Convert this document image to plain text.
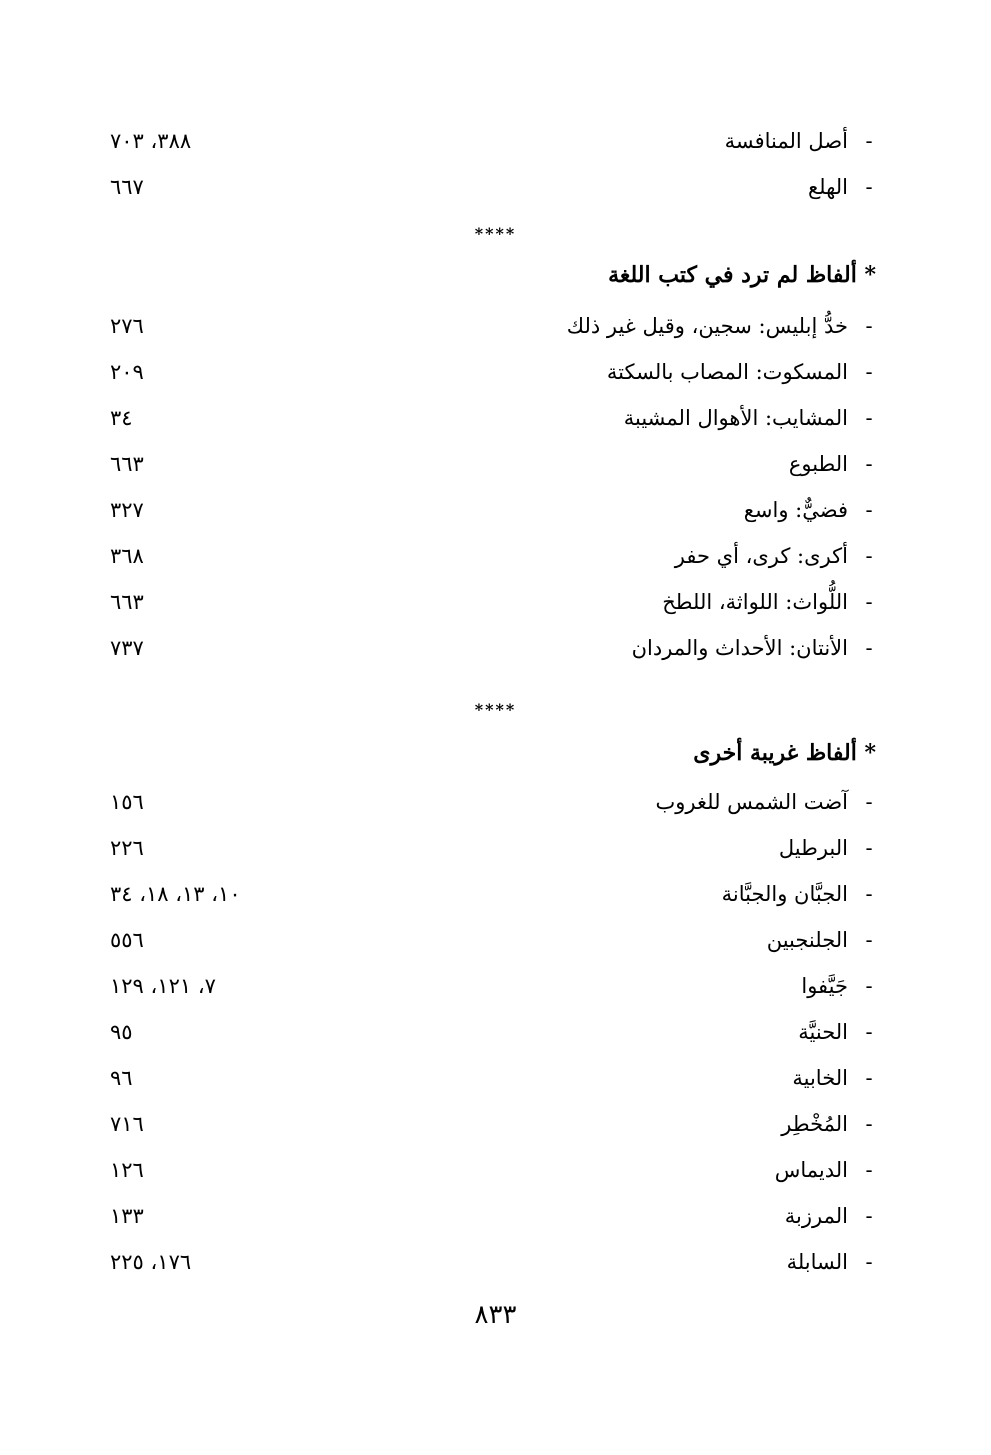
-
أصل المنافسة
٣٨٨، ٧٠٣
-
الهلع
٦٦٧
****
* ألفاظ لم ترد في كتب اللغة
-
خدُّ إبليس: سجين، وقيل غير ذلك
٢٧٦
-
المسكوت: المصاب بالسكتة
٢٠٩
-
المشايب: الأهوال المشيبة
٣٤
-
الطبوع
٦٦٣
-
فضيٌّ: واسع
٣٢٧
-
أكرى: كرى، أي حفر
٣٦٨
-
اللُّواث: اللواثة، اللطخ
٦٦٣
-
الأنتان: الأحداث والمردان
٧٣٧
****
* ألفاظ غريبة أخرى
-
آضت الشمس للغروب
١٥٦
-
البرطيل
٢٢٦
-
الجبَّان والجبَّانة
١٠، ١٣، ١٨، ٣٤
-
الجلنجبين
٥٥٦
-
جَيَّفوا
٧، ١٢١، ١٢٩
-
الحنيَّة
٩٥
-
الخابية
٩٦
-
المُخْطِر
٧١٦
-
الديماس
١٢٦
-
المرزبة
١٣٣
-
السابلة
١٧٦، ٢٢٥
٨٣٣
